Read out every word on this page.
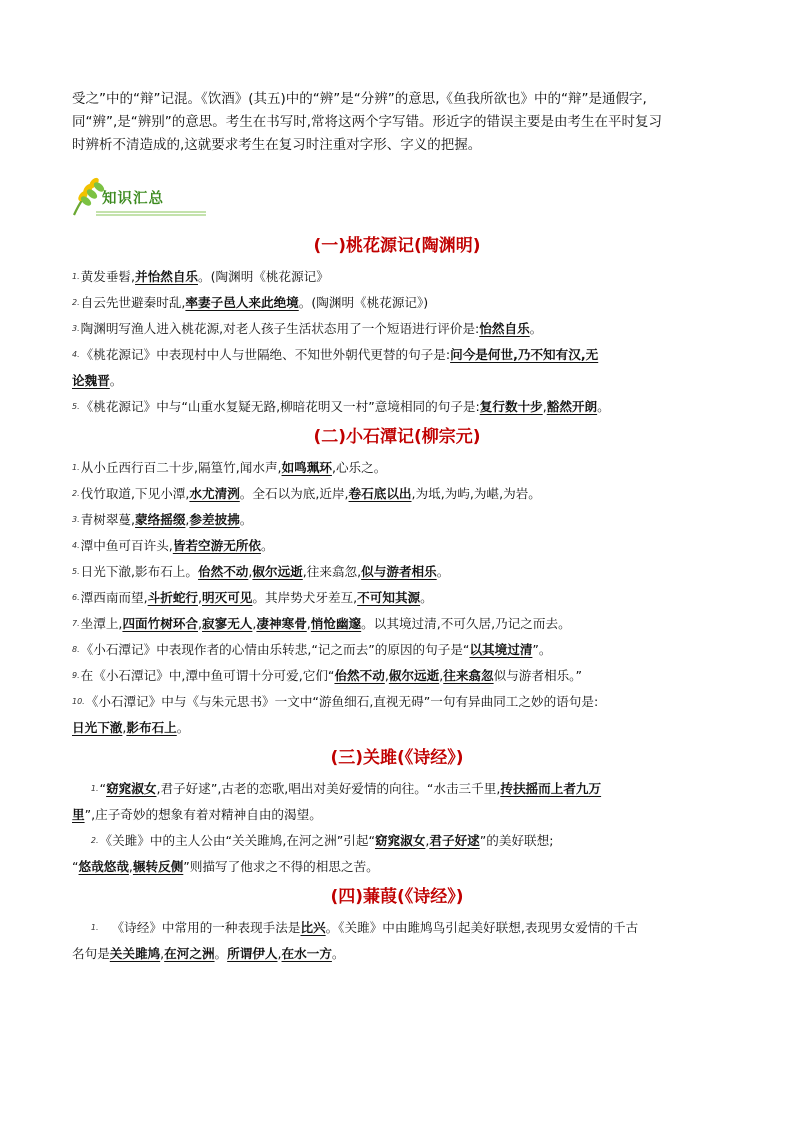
受之”中的“辩”记混。《饮酒》(其五)中的“辨”是“分辨”的意思,《鱼我所欲也》中的“辩”是通假字,

同“辨”,是“辨别”的意思。考生在书写时,常将这两个字写错。形近字的错误主要是由考生在平时复习

时辨析不清造成的,这就要求考生在复习时注重对字形、字义的把握。

知识汇总
(一)桃花源记(陶渊明)

1.黄发垂髫,并怡然自乐。(陶渊明《桃花源记》

2.自云先世避秦时乱,率妻子邑人来此绝境。(陶渊明《桃花源记》)

3.陶渊明写渔人进入桃花源,对老人孩子生活状态用了一个短语进行评价是:怡然自乐。

4.《桃花源记》中表现村中人与世隔绝、不知世外朝代更替的句子是:问今是何世,乃不知有汉,无

论魏晋。

5.《桃花源记》中与“山重水复疑无路,柳暗花明又一村”意境相同的句子是:复行数十步,豁然开朗。

(二)小石潭记(柳宗元)

1.从小丘西行百二十步,隔篁竹,闻水声,如鸣珮环,心乐之。

2.伐竹取道,下见小潭,水尤清洌。全石以为底,近岸,卷石底以出,为坻,为屿,为嵁,为岩。

3.青树翠蔓,蒙络摇缀,参差披拂。

4.潭中鱼可百许头,皆若空游无所依。

5.日光下澈,影布石上。佁然不动,俶尔远逝,往来翕忽,似与游者相乐。

6.潭西南而望,斗折蛇行,明灭可见。其岸势犬牙差互,不可知其源。

7.坐潭上,四面竹树环合,寂寥无人,凄神寒骨,悄怆幽邃。以其境过清,不可久居,乃记之而去。

8.《小石潭记》中表现作者的心情由乐转悲,“记之而去”的原因的句子是“以其境过清”。

9.在《小石潭记》中,潭中鱼可谓十分可爱,它们“佁然不动,俶尔远逝,往来翕忽似与游者相乐。”

10.《小石潭记》中与《与朱元思书》一文中“游鱼细石,直视无碍”一句有异曲同工之妙的语句是:

日光下澈,影布石上。

(三)关雎(《诗经》)

1.“窈窕淑女,君子好逑”,古老的恋歌,唱出对美好爱情的向往。“水击三千里,抟扶摇而上者九万

里”,庄子奇妙的想象有着对精神自由的渴望。

2.《关雎》中的主人公由“关关雎鸠,在河之洲”引起“窈窕淑女,君子好逑”的美好联想;

“悠哉悠哉,辗转反侧”则描写了他求之不得的相思之苦。

(四)蒹葭(《诗经》)

1. 《诗经》中常用的一种表现手法是比兴。《关雎》中由雎鸠鸟引起美好联想,表现男女爱情的千古

名句是关关雎鸠,在河之洲。所谓伊人,在水一方。
